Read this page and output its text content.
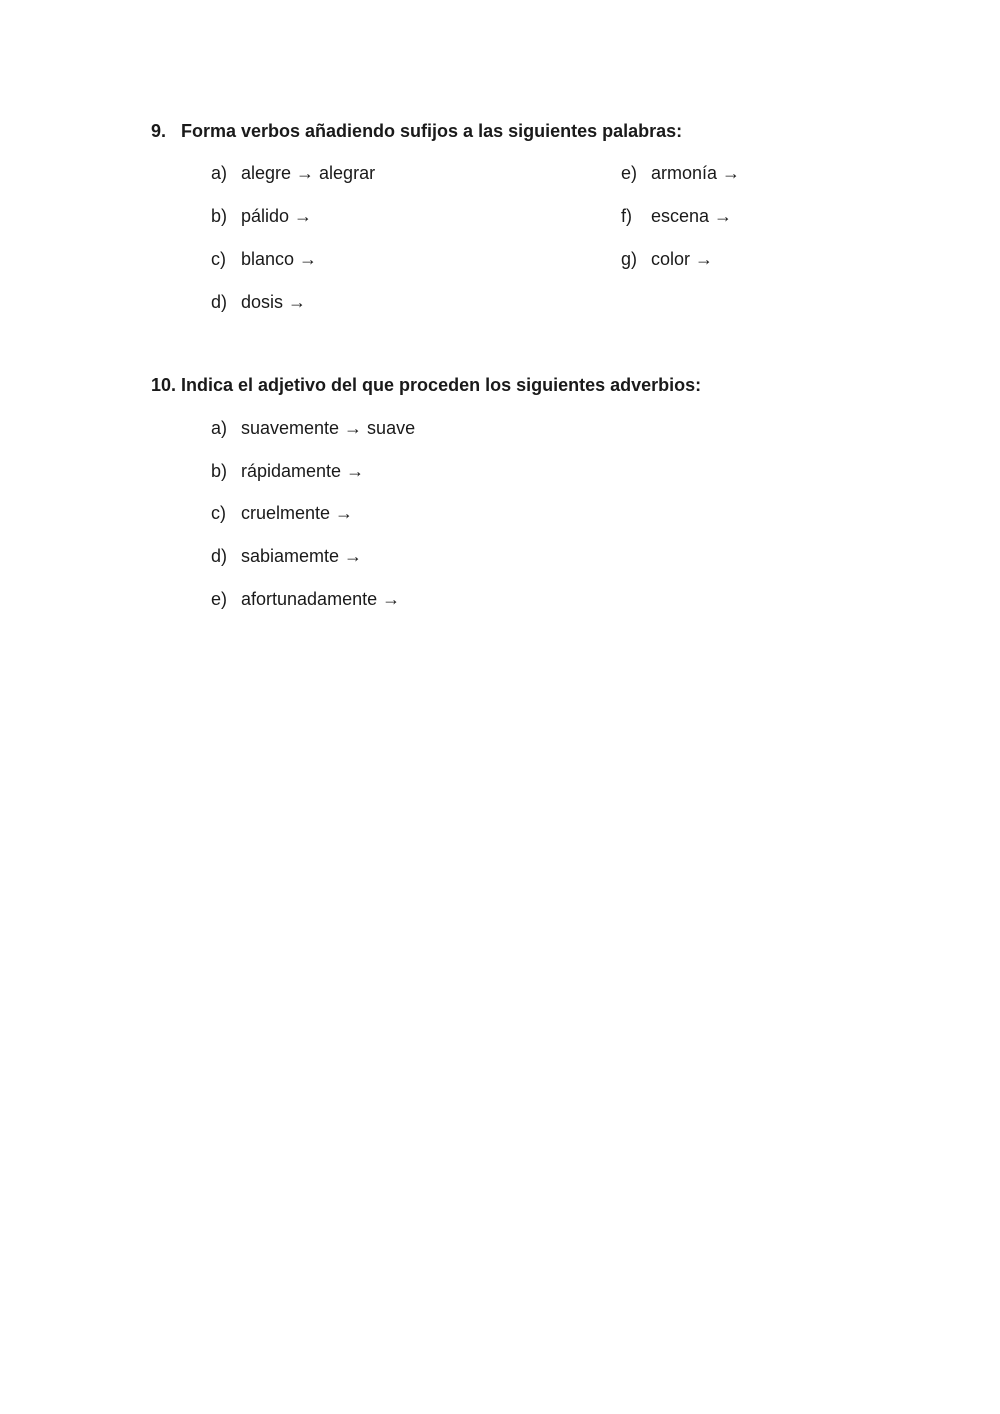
9. Forma verbos añadiendo sufijos a las siguientes palabras:
a) alegre → alegrar
b) pálido →
c) blanco →
d) dosis →
e) armonía →
f) escena →
g) color →
10. Indica el adjetivo del que proceden los siguientes adverbios:
a) suavemente → suave
b) rápidamente →
c) cruelmente →
d) sabiamemte →
e) afortunadamente →
